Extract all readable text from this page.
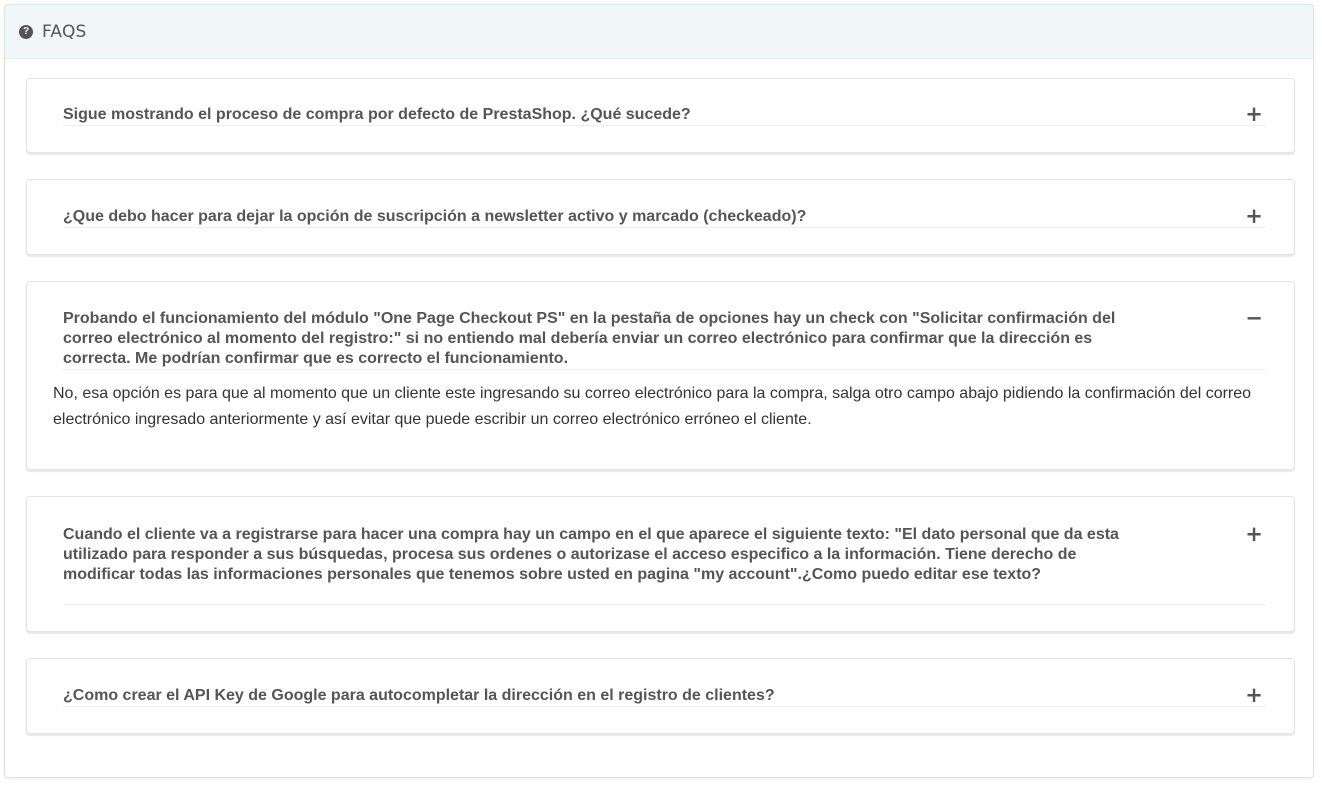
? FAQS
Sigue mostrando el proceso de compra por defecto de PrestaShop. ¿Qué sucede?	+
¿Que debo hacer para dejar la opción de suscripción a newsletter activo y marcado (checkeado)?	+
Probando el funcionamiento del módulo "One Page Checkout PS" en la pestaña de opciones hay un check con "Solicitar confirmación del correo electrónico al momento del registro:" si no entiendo mal debería enviar un correo electrónico para confirmar que la dirección es correcta. Me podrían confirmar que es correcto el funcionamiento.
−
No, esa opción es para que al momento que un cliente este ingresando su correo electrónico para la compra, salga otro campo abajo pidiendo la confirmación del correo electrónico ingresado anteriormente y así evitar que puede escribir un correo electrónico erróneo el cliente.
Cuando el cliente va a registrarse para hacer una compra hay un campo en el que aparece el siguiente texto: "El dato personal que da esta utilizado para responder a sus búsquedas, procesa sus ordenes o autorizase el acceso especifico a la información. Tiene derecho de modificar todas las informaciones personales que tenemos sobre usted en pagina "my account".¿Como puedo editar ese texto?
+
¿Como crear el API Key de Google para autocompletar la dirección en el registro de clientes?	+
